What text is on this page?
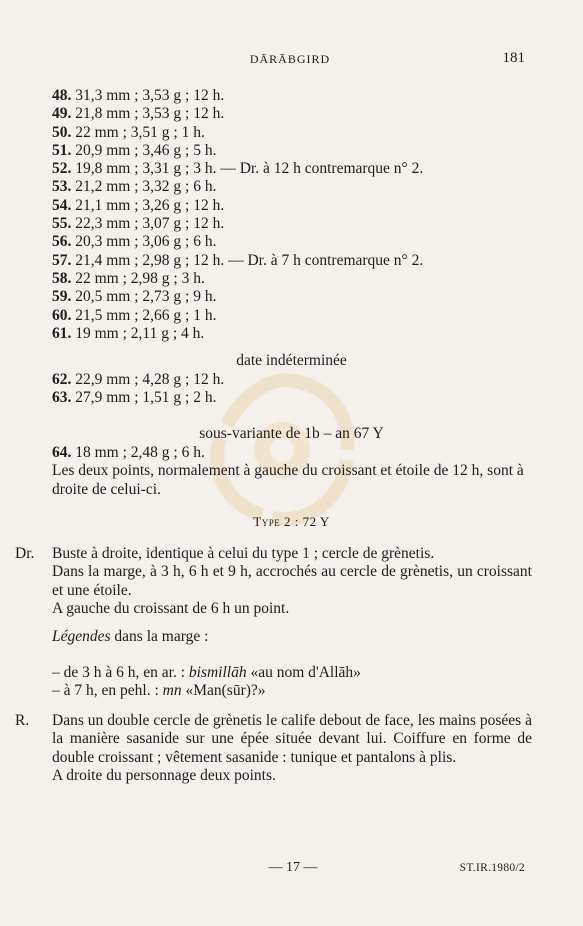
DĀRĀBGIRD	181
48. 31,3 mm ; 3,53 g ; 12 h.
49. 21,8 mm ; 3,53 g ; 12 h.
50. 22 mm ; 3,51 g ; 1 h.
51. 20,9 mm ; 3,46 g ; 5 h.
52. 19,8 mm ; 3,31 g ; 3 h. — Dr. à 12 h contremarque n° 2.
53. 21,2 mm ; 3,32 g ; 6 h.
54. 21,1 mm ; 3,26 g ; 12 h.
55. 22,3 mm ; 3,07 g ; 12 h.
56. 20,3 mm ; 3,06 g ; 6 h.
57. 21,4 mm ; 2,98 g ; 12 h. — Dr. à 7 h contremarque n° 2.
58. 22 mm ; 2,98 g ; 3 h.
59. 20,5 mm ; 2,73 g ; 9 h.
60. 21,5 mm ; 2,66 g ; 1 h.
61. 19 mm ; 2,11 g ; 4 h.
date indéterminée
62. 22,9 mm ; 4,28 g ; 12 h.
63. 27,9 mm ; 1,51 g ; 2 h.
sous-variante de 1b – an 67 Y

64. 18 mm ; 2,48 g ; 6 h.

Les deux points, normalement à gauche du croissant et étoile de 12 h, sont à droite de celui-ci.

Type 2 : 72 Y
Dr. Buste à droite, identique à celui du type 1 ; cercle de grènetis.

Dans la marge, à 3 h, 6 h et 9 h, accrochés au cercle de grènetis, un croissant et une étoile.

A gauche du croissant de 6 h un point.

Légendes dans la marge :
– de 3 h à 6 h, en ar. : bismillāh «au nom d'Allāh»
– à 7 h, en pehl. : mn «Man(sūr)?»
R. Dans un double cercle de grènetis le calife debout de face, les mains posées à la manière sasanide sur une épée située devant lui. Coiffure en forme de double croissant ; vêtement sasanide : tunique et pantalons à plis.

A droite du personnage deux points.

— 17 —	ST.IR.1980/2
